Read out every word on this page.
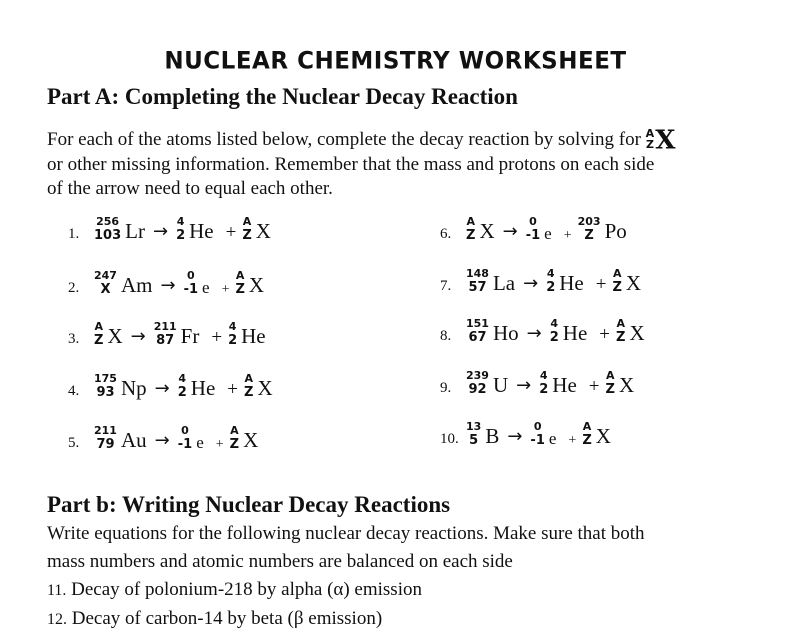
NUCLEAR CHEMISTRY WORKSHEET
Part A: Completing the Nuclear Decay Reaction
For each of the atoms listed below, complete the decay reaction by solving for A
Z X
or other missing information. Remember that the mass and protons on each side
of the arrow need to equal each other.
1.
256
103 Lr → 4
2 He +
A
Z X
2.
247
X Am → 0
-1 e +
A
Z X
3.
A
Z X → 211
87 Fr +
4
2 He
4.
175
93 Np → 4
2 He +
A
Z X
5.
211
79 Au → 0
-1 e +
A
Z X
6.
A
Z X → 0
-1 e +
203
Z Po
7.
148
57 La → 4
2 He +
A
Z X
8.
151
67 Ho → 4
2 He +
A
Z X
9.
239
92 U → 4
2 He +
A
Z X
10.
13
5 B → 0
-1 e +
A
Z X
Part b: Writing Nuclear Decay Reactions
Write equations for the following nuclear decay reactions. Make sure that both
mass numbers and atomic numbers are balanced on each side
11. Decay of polonium-218 by alpha (α) emission
12. Decay of carbon-14 by beta (β emission)
